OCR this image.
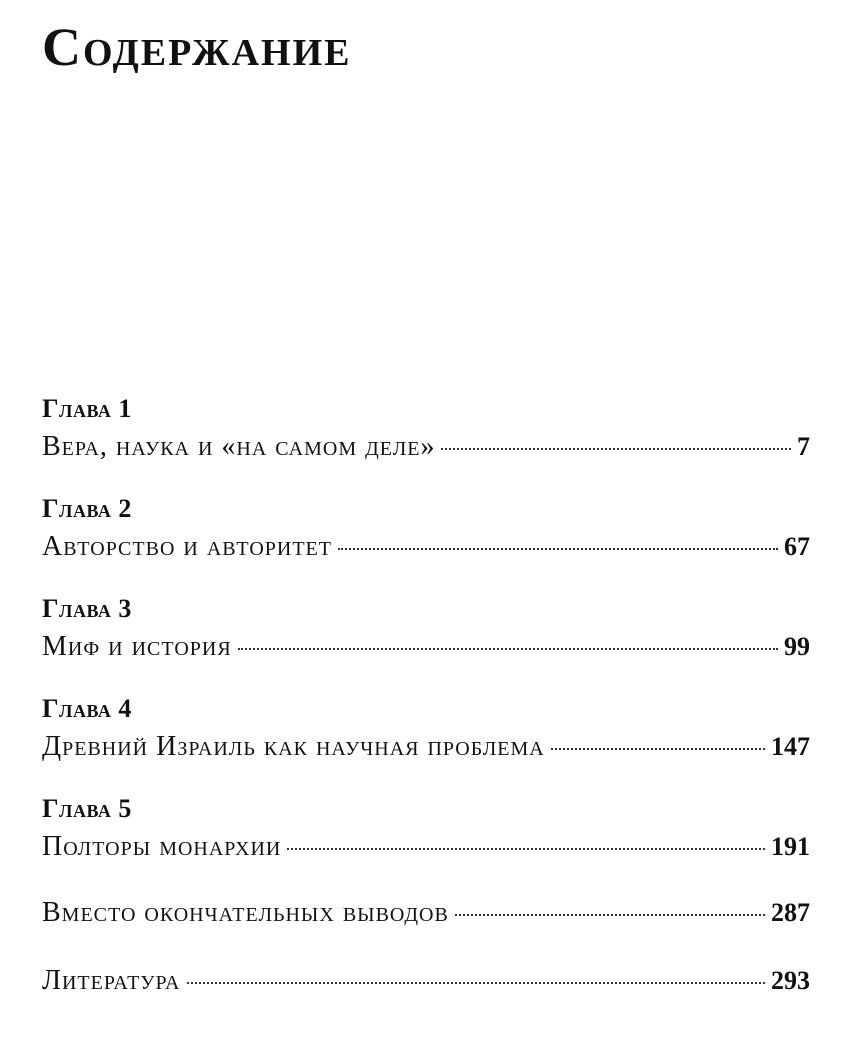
Содержание
Глава 1
Вера, наука и «на самом деле»	7
Глава 2
Авторство и авторитет	67
Глава 3
Миф и история	99
Глава 4
Древний Израиль как научная проблема	147
Глава 5
Полторы монархии	191
Вместо окончательных выводов	287
Литература	293
